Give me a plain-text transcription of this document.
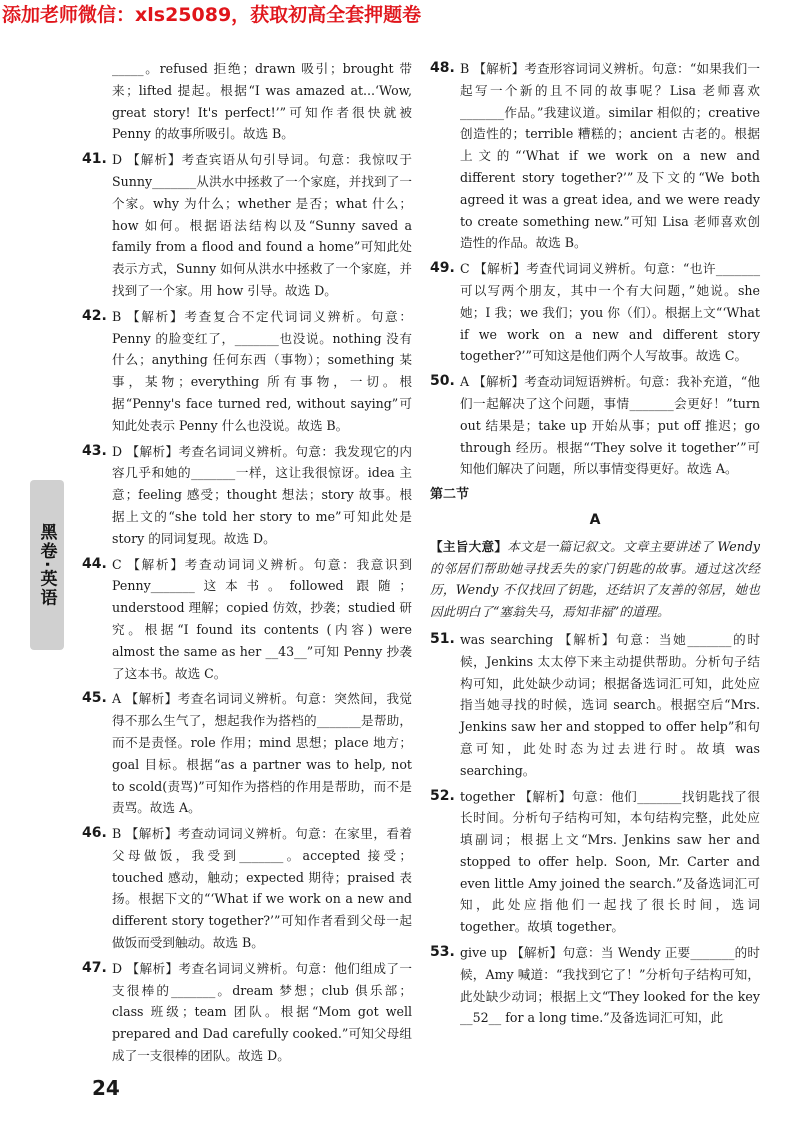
添加老师微信：xls25089，获取初高全套押题卷
_____。refused 拒绝；drawn 吸引；brought 带来；lifted 提起。根据“I was amazed at...‘Wow, great story! It's perfect!’”可知作者很快就被 Penny 的故事所吸引。故选 B。
41. D 【解析】考查宾语从句引导词。句意：我惊叹于 Sunny_______从洪水中拯救了一个家庭，并找到了一个家。why 为什么；whether 是否；what 什么；how 如何。根据语法结构以及“Sunny saved a family from a flood and found a home”可知此处表示方式，Sunny 如何从洪水中拯救了一个家庭，并找到了一个家。用 how 引导。故选 D。
42. B 【解析】考查复合不定代词词义辨析。句意：Penny 的脸变红了，_______也没说。nothing 没有什么；anything 任何东西（事物）；something 某事，某物；everything 所有事物，一切。根据“Penny's face turned red, without saying”可知此处表示 Penny 什么也没说。故选 B。
43. D 【解析】考查名词词义辨析。句意：我发现它的内容几乎和她的_______一样，这让我很惊讶。idea 主意；feeling 感受；thought 想法；story 故事。根据上文的“she told her story to me”可知此处是 story 的同词复现。故选 D。
44. C 【解析】考查动词词义辨析。句意：我意识到 Penny_______这本书。followed 跟随；understood 理解；copied 仿效，抄袭；studied 研究。根据“I found its contents (内容) were almost the same as her __43__”可知 Penny 抄袭了这本书。故选 C。
45. A 【解析】考查名词词义辨析。句意：突然间，我觉得不那么生气了，想起我作为搭档的_______是帮助，而不是责怪。role 作用；mind 思想；place 地方；goal 目标。根据“as a partner was to help, not to scold(责骂)”可知作为搭档的作用是帮助，而不是责骂。故选 A。
46. B 【解析】考查动词词义辨析。句意：在家里，看着父母做饭，我受到_______。accepted 接受；touched 感动，触动；expected 期待；praised 表扬。根据下文的“‘What if we work on a new and different story together?’”可知作者看到父母一起做饭而受到触动。故选 B。
47. D 【解析】考查名词词义辨析。句意：他们组成了一支很棒的_______。dream 梦想；club 俱乐部；class 班级；team 团队。根据“Mom got well prepared and Dad carefully cooked.”可知父母组成了一支很棒的团队。故选 D。
48. B 【解析】考查形容词词义辨析。句意：“如果我们一起写一个新的且不同的故事呢？Lisa 老师喜欢_______作品。”我建议道。similar 相似的；creative 创造性的；terrible 糟糕的；ancient 古老的。根据上文的“‘What if we work on a new and different story together?’”及下文的“We both agreed it was a great idea, and we were ready to create something new.”可知 Lisa 老师喜欢创造性的作品。故选 B。
49. C 【解析】考查代词词义辨析。句意：“也许_______可以写两个朋友，其中一个有大问题，”她说。she 她；I 我；we 我们；you 你（们）。根据上文“‘What if we work on a new and different story together?’”可知这是他们两个人写故事。故选 C。
50. A 【解析】考查动词短语辨析。句意：我补充道，“他们一起解决了这个问题，事情_______会更好！”turn out 结果是；take up 开始从事；put off 推迟；go through 经历。根据“‘They solve it together’”可知他们解决了问题，所以事情变得更好。故选 A。
第二节
A
【主旨大意】本文是一篇记叙文。文章主要讲述了 Wendy 的邻居们帮助她寻找丢失的家门钥匙的故事。通过这次经历，Wendy 不仅找回了钥匙，还结识了友善的邻居，她也因此明白了“塞翁失马，焉知非福”的道理。
51. was searching 【解析】句意：当她_______的时候，Jenkins 太太停下来主动提供帮助。分析句子结构可知，此处缺少动词；根据备选词汇可知，此处应指当她寻找的时候，选词 search。根据空后“Mrs. Jenkins saw her and stopped to offer help”和句意可知，此处时态为过去进行时。故填 was searching。
52. together 【解析】句意：他们_______找钥匙找了很长时间。分析句子结构可知，本句结构完整，此处应填副词；根据上文“Mrs. Jenkins saw her and stopped to offer help. Soon, Mr. Carter and even little Amy joined the search.”及备选词汇可知，此处应指他们一起找了很长时间，选词 together。故填 together。
53. give up 【解析】句意：当 Wendy 正要_______的时候，Amy 喊道：“我找到它了！”分析句子结构可知，此处缺少动词；根据上文“They looked for the key __52__ for a long time.”及备选词汇可知，此
黑卷·英语
24
